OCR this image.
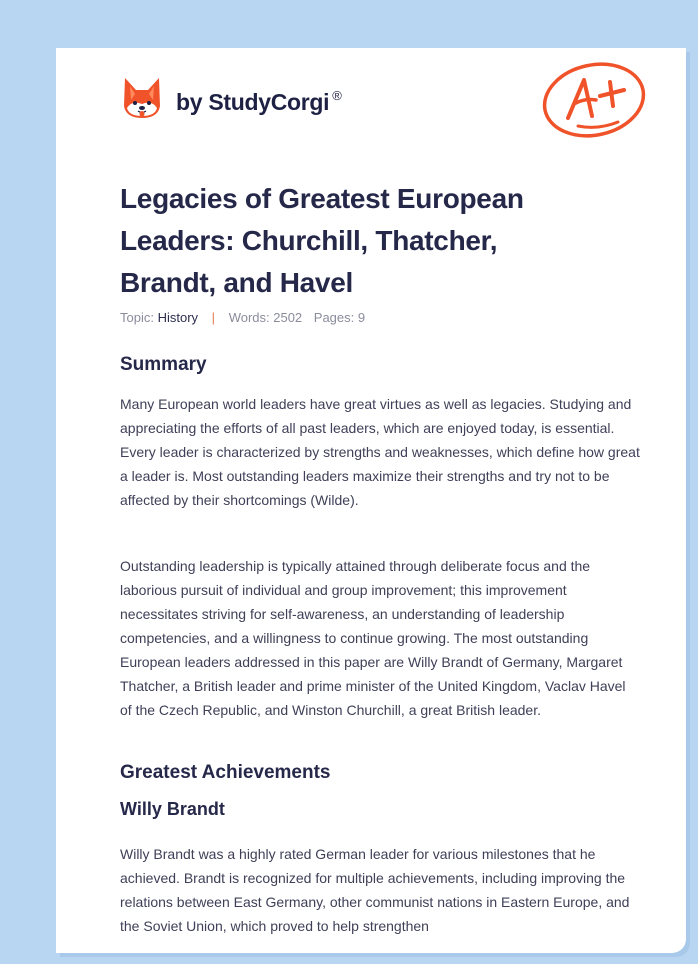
by StudyCorgi ®
Legacies of Greatest European Leaders: Churchill, Thatcher, Brandt, and Havel
Topic: History | Words: 2502 Pages: 9
Summary

Many European world leaders have great virtues as well as legacies. Studying and appreciating the efforts of all past leaders, which are enjoyed today, is essential. Every leader is characterized by strengths and weaknesses, which define how great a leader is. Most outstanding leaders maximize their strengths and try not to be affected by their shortcomings (Wilde).

Outstanding leadership is typically attained through deliberate focus and the laborious pursuit of individual and group improvement; this improvement necessitates striving for self-awareness, an understanding of leadership competencies, and a willingness to continue growing. The most outstanding European leaders addressed in this paper are Willy Brandt of Germany, Margaret Thatcher, a British leader and prime minister of the United Kingdom, Vaclav Havel of the Czech Republic, and Winston Churchill, a great British leader.

Greatest Achievements
Willy Brandt

Willy Brandt was a highly rated German leader for various milestones that he achieved. Brandt is recognized for multiple achievements, including improving the relations between East Germany, other communist nations in Eastern Europe, and the Soviet Union, which proved to help strengthen
